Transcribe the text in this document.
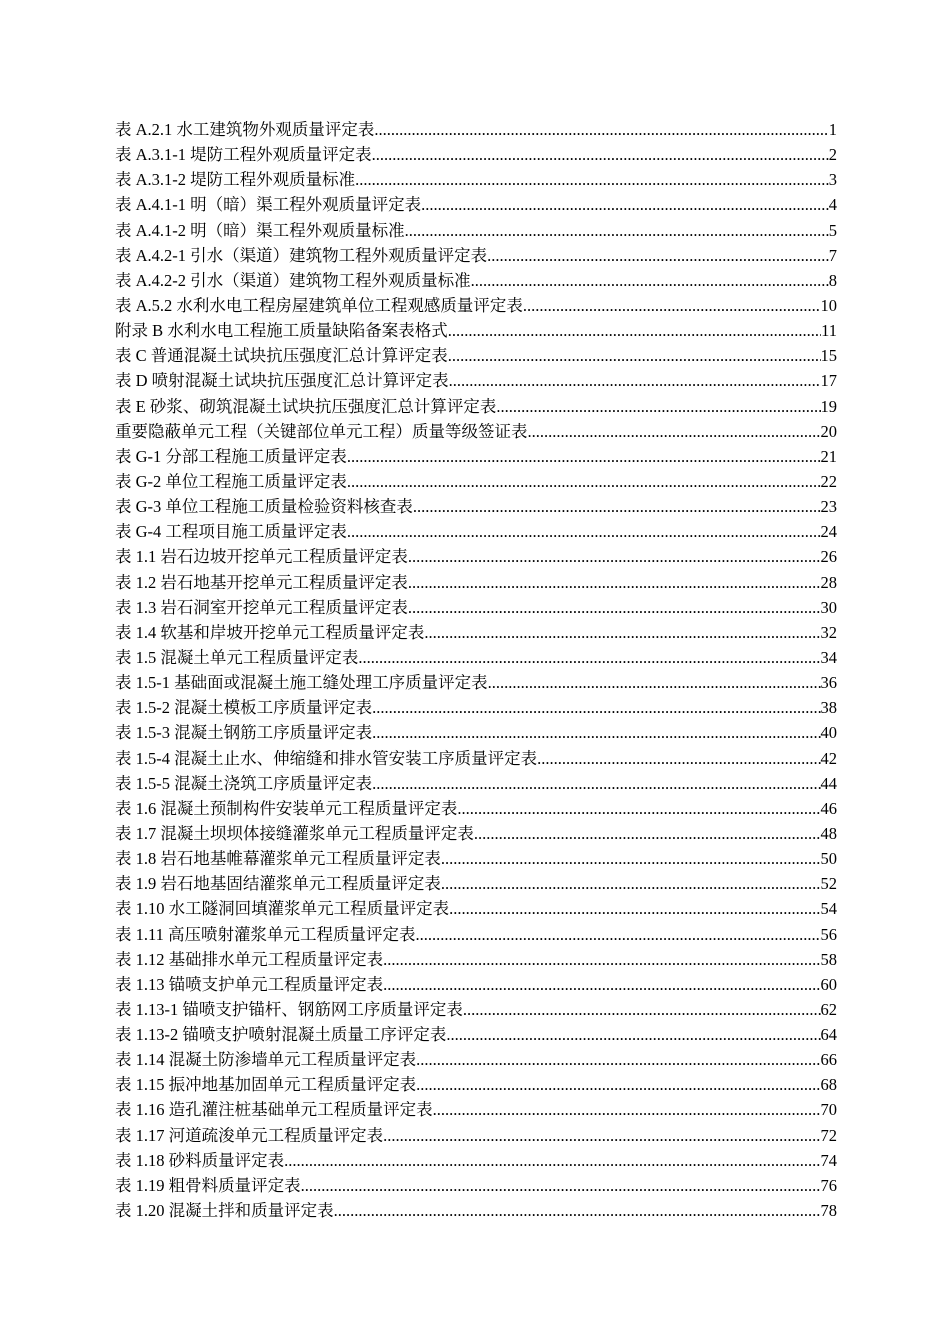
表 A.2.1 水工建筑物外观质量评定表 .....	1
表 A.3.1-1 堤防工程外观质量评定表 .....	2
表 A.3.1-2 堤防工程外观质量标准 .....	3
表 A.4.1-1 明（暗）渠工程外观质量评定表 .....	4
表 A.4.1-2 明（暗）渠工程外观质量标准 .....	5
表 A.4.2-1 引水（渠道）建筑物工程外观质量评定表 .....	7
表 A.4.2-2 引水（渠道）建筑物工程外观质量标准 .....	8
表 A.5.2 水利水电工程房屋建筑单位工程观感质量评定表 .....	10
附录 B 水利水电工程施工质量缺陷备案表格式 .....	11
表 C 普通混凝土试块抗压强度汇总计算评定表 .....	15
表 D 喷射混凝土试块抗压强度汇总计算评定表 .....	17
表 E 砂浆、砌筑混凝土试块抗压强度汇总计算评定表 .....	19
重要隐蔽单元工程（关键部位单元工程）质量等级签证表 .....	20
表 G-1 分部工程施工质量评定表 .....	21
表 G-2 单位工程施工质量评定表 .....	22
表 G-3 单位工程施工质量检验资料核查表 .....	23
表 G-4 工程项目施工质量评定表 .....	24
表 1.1 岩石边坡开挖单元工程质量评定表 .....	26
表 1.2 岩石地基开挖单元工程质量评定表 .....	28
表 1.3 岩石洞室开挖单元工程质量评定表 .....	30
表 1.4 软基和岸坡开挖单元工程质量评定表 .....	32
表 1.5 混凝土单元工程质量评定表 .....	34
表 1.5-1 基础面或混凝土施工缝处理工序质量评定表 .....	36
表 1.5-2 混凝土模板工序质量评定表 .....	38
表 1.5-3 混凝土钢筋工序质量评定表 .....	40
表 1.5-4 混凝土止水、伸缩缝和排水管安装工序质量评定表 .....	42
表 1.5-5 混凝土浇筑工序质量评定表 .....	44
表 1.6 混凝土预制构件安装单元工程质量评定表 .....	46
表 1.7 混凝土坝坝体接缝灌浆单元工程质量评定表 .....	48
表 1.8 岩石地基帷幕灌浆单元工程质量评定表 .....	50
表 1.9 岩石地基固结灌浆单元工程质量评定表 .....	52
表 1.10 水工隧洞回填灌浆单元工程质量评定表 .....	54
表 1.11 高压喷射灌浆单元工程质量评定表 .....	56
表 1.12 基础排水单元工程质量评定表 .....	58
表 1.13 锚喷支护单元工程质量评定表 .....	60
表 1.13-1 锚喷支护锚杆、钢筋网工序质量评定表 .....	62
表 1.13-2 锚喷支护喷射混凝土质量工序评定表 .....	64
表 1.14 混凝土防渗墙单元工程质量评定表 .....	66
表 1.15 振冲地基加固单元工程质量评定表 .....	68
表 1.16 造孔灌注桩基础单元工程质量评定表 .....	70
表 1.17 河道疏浚单元工程质量评定表 .....	72
表 1.18 砂料质量评定表 .....	74
表 1.19 粗骨料质量评定表 .....	76
表 1.20 混凝土拌和质量评定表 .....	78
